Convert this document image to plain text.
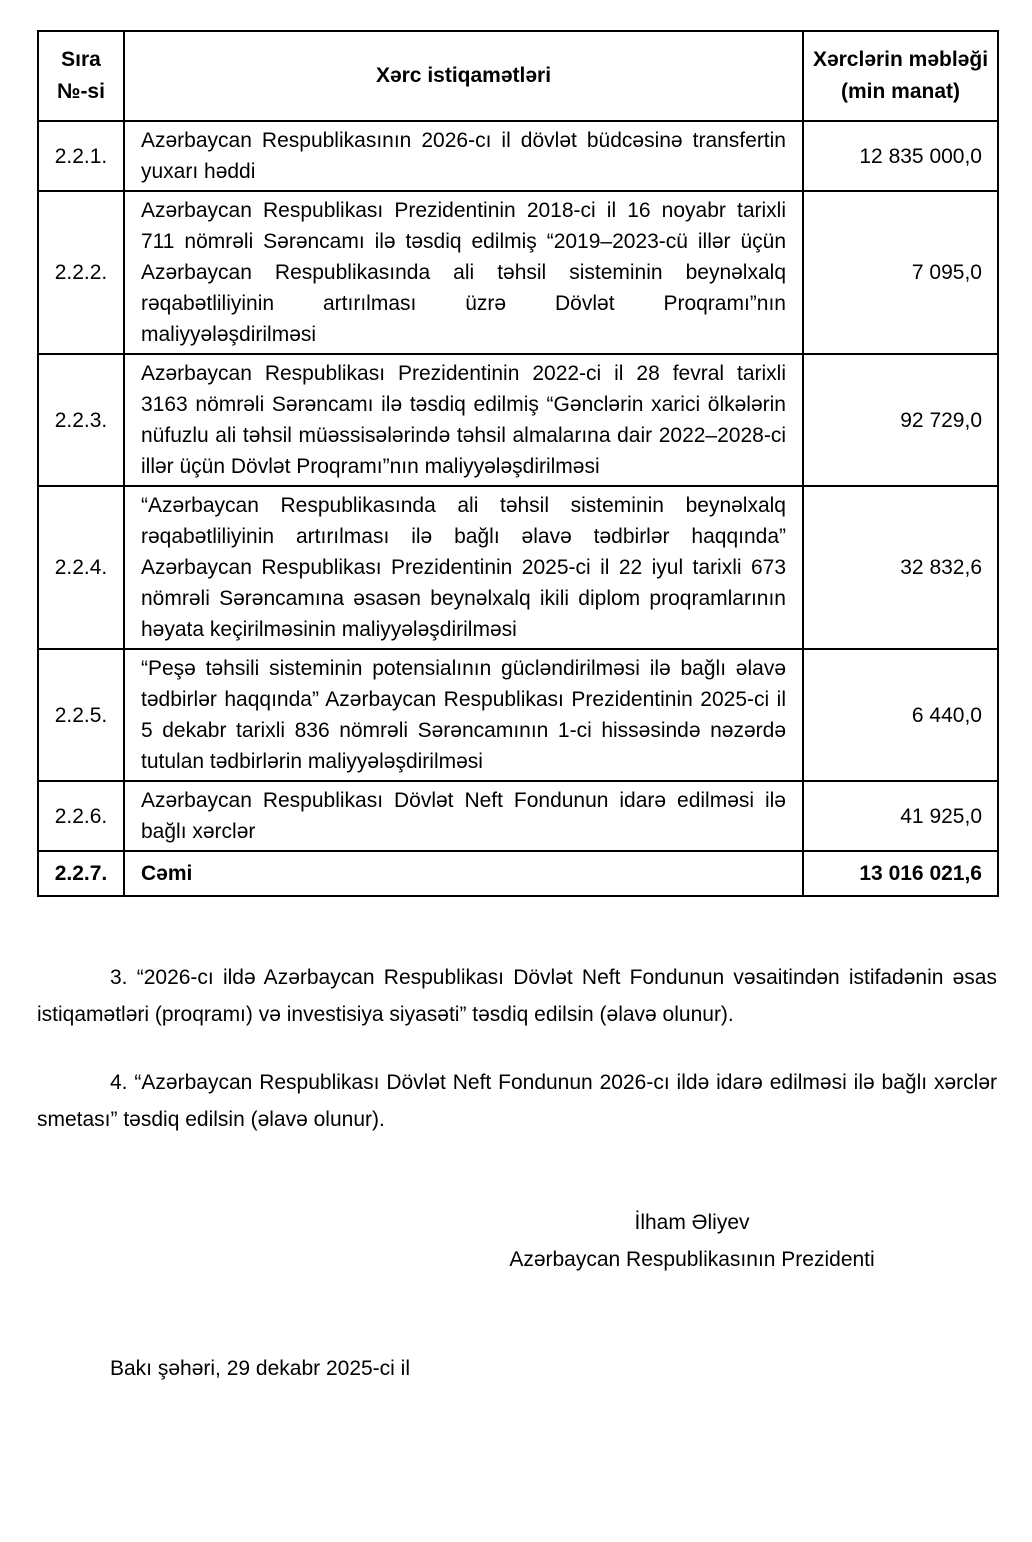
Sıra №-si	Xərc istiqamətləri	Xərclərin məbləği (min manat)
2.2.1.	Azərbaycan Respublikasının 2026-cı il dövlət büdcəsinə transfertin yuxarı həddi	12 835 000,0
2.2.2.	Azərbaycan Respublikası Prezidentinin 2018-ci il 16 noyabr tarixli 711 nömrəli Sərəncamı ilə təsdiq edilmiş “2019–2023-cü illər üçün Azərbaycan Respublikasında ali təhsil sisteminin beynəlxalq rəqabətliliyinin artırılması üzrə Dövlət Proqramı”nın maliyyələşdirilməsi	7 095,0
2.2.3.	Azərbaycan Respublikası Prezidentinin 2022-ci il 28 fevral tarixli 3163 nömrəli Sərəncamı ilə təsdiq edilmiş “Gənclərin xarici ölkələrin nüfuzlu ali təhsil müəssisələrində təhsil almalarına dair 2022–2028-ci illər üçün Dövlət Proqramı”nın maliyyələşdirilməsi	92 729,0
2.2.4.	“Azərbaycan Respublikasında ali təhsil sisteminin beynəlxalq rəqabətliliyinin artırılması ilə bağlı əlavə tədbirlər haqqında” Azərbaycan Respublikası Prezidentinin 2025-ci il 22 iyul tarixli 673 nömrəli Sərəncamına əsasən beynəlxalq ikili diplom proqramlarının həyata keçirilməsinin maliyyələşdirilməsi	32 832,6
2.2.5.	“Peşə təhsili sisteminin potensialının gücləndirilməsi ilə bağlı əlavə tədbirlər haqqında” Azərbaycan Respublikası Prezidentinin 2025-ci il 5 dekabr tarixli 836 nömrəli Sərəncamının 1-ci hissəsində nəzərdə tutulan tədbirlərin maliyyələşdirilməsi	6 440,0
2.2.6.	Azərbaycan Respublikası Dövlət Neft Fondunun idarə edilməsi ilə bağlı xərclər	41 925,0
2.2.7.	Cəmi	13 016 021,6

3. “2026-cı ildə Azərbaycan Respublikası Dövlət Neft Fondunun vəsaitindən istifadənin əsas istiqamətləri (proqramı) və investisiya siyasəti” təsdiq edilsin (əlavə olunur).

4. “Azərbaycan Respublikası Dövlət Neft Fondunun 2026-cı ildə idarə edilməsi ilə bağlı xərclər smetası” təsdiq edilsin (əlavə olunur).

İlham Əliyev
Azərbaycan Respublikasının Prezidenti
Bakı şəhəri, 29 dekabr 2025-ci il
